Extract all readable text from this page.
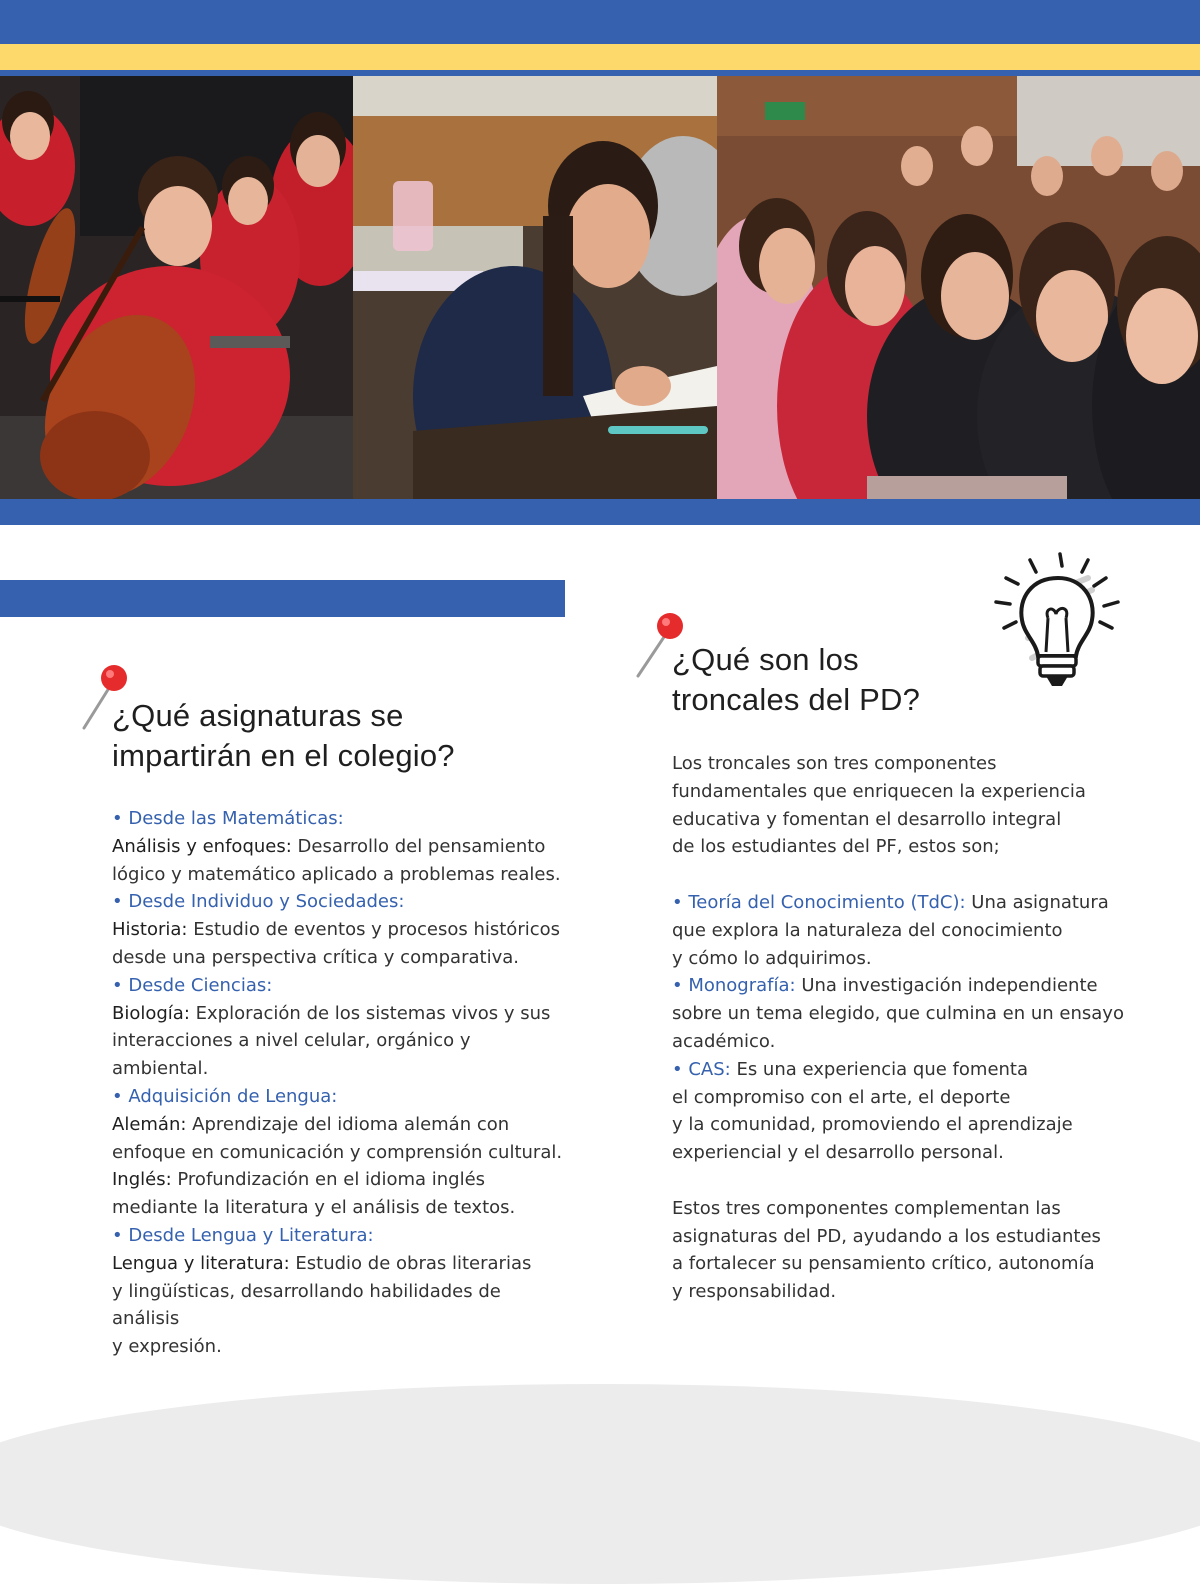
¿Qué asignaturas se
impartirán en el colegio?

• Desde las Matemáticas:

Análisis y enfoques: Desarrollo del pensamiento

lógico y matemático aplicado a problemas reales.

• Desde Individuo y Sociedades:

Historia: Estudio de eventos y procesos históricos

desde una perspectiva crítica y comparativa.

• Desde Ciencias:

Biología: Exploración de los sistemas vivos y sus

interacciones a nivel celular, orgánico y ambiental.

• Adquisición de Lengua:

Alemán: Aprendizaje del idioma alemán con

enfoque en comunicación y comprensión cultural.

Inglés: Profundización en el idioma inglés

mediante la literatura y el análisis de textos.

• Desde Lengua y Literatura:

Lengua y literatura: Estudio de obras literarias

y lingüísticas, desarrollando habilidades de análisis

y expresión.

¿Qué son los
troncales del PD?

Los troncales son tres componentes

fundamentales que enriquecen la experiencia

educativa y fomentan el desarrollo integral

de los estudiantes del PF, estos son;

• Teoría del Conocimiento (TdC): Una asignatura

que explora la naturaleza del conocimiento

y cómo lo adquirimos.

• Monografía: Una investigación independiente

sobre un tema elegido, que culmina en un ensayo

académico.

• CAS: Es una experiencia que fomenta

el compromiso con el arte, el deporte

y la comunidad, promoviendo el aprendizaje

experiencial y el desarrollo personal.

Estos tres componentes complementan las

asignaturas del PD, ayudando a los estudiantes

a fortalecer su pensamiento crítico, autonomía

y responsabilidad.
